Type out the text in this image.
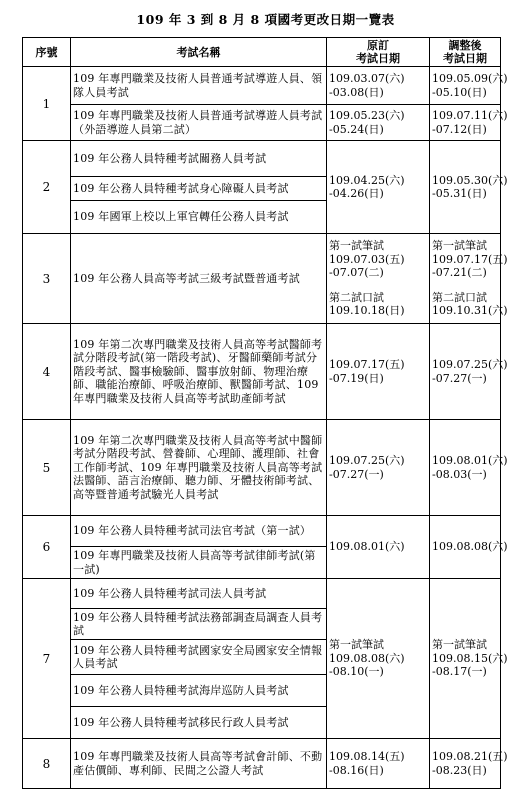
109 年 3 到 8 月 8 項國考更改日期一覽表
序號	考試名稱	原訂
考試日期	調整後
考試日期

1	109 年專門職業及技術人員普通考試導遊人員、領隊人員考試	109.03.07(六)
-03.08(日)	109.05.09(六)
-05.10(日)

	109 年專門職業及技術人員普通考試導遊人員考試（外語導遊人員第二試）	109.05.23(六)
-05.24(日)	109.07.11(六)
-07.12(日)

2	109 年公務人員特種考試關務人員考試	109.04.25(六)
-04.26(日)	109.05.30(六)
-05.31(日)

	109 年公務人員特種考試身心障礙人員考試		
	109 年國軍上校以上軍官轉任公務人員考試		
3	109 年公務人員高等考試三級考試暨普通考試	第一試筆試
109.07.03(五)
-07.07(二)
第二試口試
109.10.18(日)	第一試筆試
109.07.17(五)
-07.21(二)
第二試口試
109.10.31(六)

4	109 年第二次專門職業及技術人員高等考試醫師考試分階段考試(第一階段考試)、牙醫師藥師考試分階段考試、醫事檢驗師、醫事放射師、物理治療師、職能治療師、呼吸治療師、獸醫師考試、109 年專門職業及技術人員高等考試助產師考試	109.07.17(五)
-07.19(日)	109.07.25(六)
-07.27(一)

5	109 年第二次專門職業及技術人員高等考試中醫師考試分階段考試、營養師、心理師、護理師、社會工作師考試、109 年專門職業及技術人員高等考試法醫師、語言治療師、聽力師、牙體技術師考試、高等暨普通考試驗光人員考試	109.07.25(六)
-07.27(一)	109.08.01(六)
-08.03(一)

6	109 年公務人員特種考試司法官考試（第一試）	109.08.01(六)	109.08.08(六)
	109 年專門職業及技術人員高等考試律師考試(第一試)		
7	109 年公務人員特種考試司法人員考試	第一試筆試
109.08.08(六)
-08.10(一)	第一試筆試
109.08.15(六)
-08.17(一)

	109 年公務人員特種考試法務部調查局調查人員考試		
	109 年公務人員特種考試國家安全局國家安全情報人員考試		
	109 年公務人員特種考試海岸巡防人員考試		
	109 年公務人員特種考試移民行政人員考試		
8	109 年專門職業及技術人員高等考試會計師、不動產估價師、專利師、民間之公證人考試	109.08.14(五)
-08.16(日)	109.08.21(五)
-08.23(日)
